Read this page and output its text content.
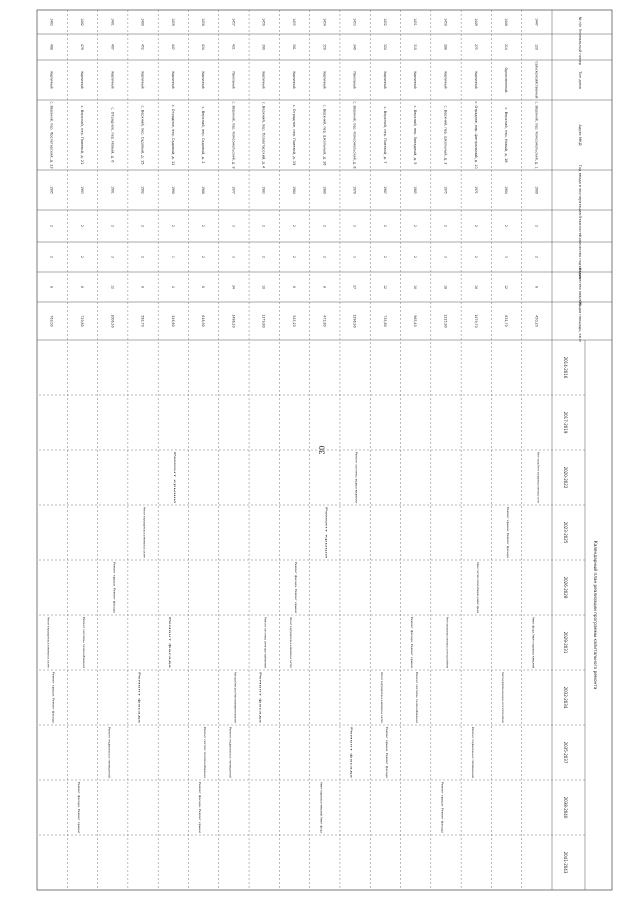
30
Календарный план реализации программы капитального ремонта
№ п/п
Уникальный номер
Тип дома
Адрес МКД
Год ввода в эксплуатацию
Этажность
Количество подъездов
Количество квартир
Общая площадь, кв.м
2014-2016
2017-2019
2020-2022
2023-2025
2026-2028
2029-2031
2032-2034
2035-2037
2038-2040
2041-2043
1447
120
Сельскохозяйственный
с. Верхний, пер. Комсомольский, д. 1
1969
2
2
8
450,20
Ремонт крыши, Ремонт внутридомовых инженерных систем
Ремонт фасада, Ремонт подвальных помещений
1448
214
Однокомнатный
с. Верхний, пер. Новый, д. 18
1964
2
3
12
631,70
Ремонт крыши, Ремонт фасада
Ремонт внутридомовых инженерных систем электроснабжения
1449
275
Кирпичный
с. Отрадное, пер. Центральный, д. 10
1971
2
2
16
1479,70
Ремонт систем теплоснабжения, ремонт крыши
Ремонт подвальных помещений
1450
288
Кирпичный
с. Верхний, пер. Школьный, д. 3
1975
2
3
18
1115,90
Ремонт внутридомовых инженерных систем водоснабжения
Ремонт крыши, Ремонт фасада
1451
310
Кирпичный
с. Верхний, пер. Западный, д. 5
1985
2
2
16
965,40
Ремонт системы газоснабжения
Ремонт фасада, Ремонт крыши
1452
324
Кирпичный
с. Верхний, пер. Полевой, д. 7
1987
2
2
12
735,80
Ремонт крыши, Ремонт фасада
Ремонт внутридомовых инженерных систем
1453
349
Панельный
с. Верхний, пер. Комсомольский, д. 8
1976
3
3
27
1296,90
Ремонт системы водоотведения
Ремонт фасада
1454
356
Кирпичный
с. Верхний, пер. Школьный, д. 16
1980
2
2
8
472,80
Ремонт крыши
Ремонт подвальных помещений, Ремонт фасада
1455
361
Кирпичный
с. Отрадное, пер. Полевой, д. 19
1984
2
2
8
545,20
Ремонт фасада, Ремонт крыши
Ремонт внутридомовых инженерных систем
1456
390
Кирпичный
с. Верхний, пер. Пролетарский, д. 4
1983
2
2
16
1179,80
Ремонт системы электроснабжения
Ремонт фасада
1457
421
Панельный
с. Верхний, пер. Комсомольский, д. 9
1977
3
3
24
1498,20
Ремонт крыши, Ремонт фасада, Ремонт внутридомовых инженерных систем
Ремонт подвальных помещений
1458
434
Кирпичный
с. Верхний, пер. Садовый, д. 2
1988
2
2
8
618,90
Ремонт систем теплоснабжения
Ремонт фасада, Ремонт крыши
1459
447
Кирпичный
с. Отрадное, пер. Садовый, д. 11
1990
2
1
4
316,60
Ремонт крыши
Ремонт фасада
1460
452
Кирпичный
с. Верхний, пер. Садовый, д. 15
1992
2
2
8
582,70
Ремонт внутридомовых инженерных систем
Ремонт фасада
1461
467
Кирпичный
с. Отрадное, пер. Новый, д. 6
1991
2
3
12
1006,30
Ремонт крыши, Ремонт фасада
Ремонт подвальных помещений
1462
479
Кирпичный
с. Верхний, пер. Полевой, д. 21
1993
2
2
8
729,80
Ремонт системы газоснабжения
Ремонт фасада, Ремонт крыши
1463
488
Кирпичный
с. Верхний, пер. Пролетарский, д. 13
1995
2
2
8
763,00
Ремонт крыши, Ремонт фасада
Ремонт внутридомовых инженерных систем
